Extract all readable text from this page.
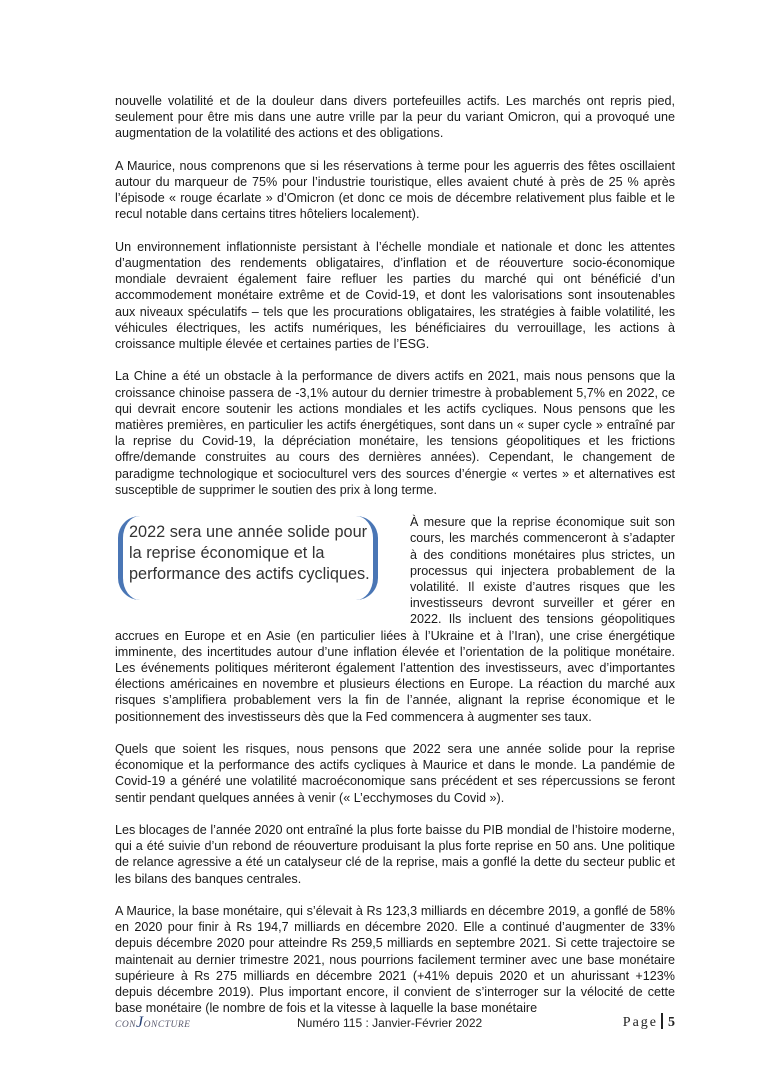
nouvelle volatilité et de la douleur dans divers portefeuilles actifs. Les marchés ont repris pied, seulement pour être mis dans une autre vrille par la peur du variant Omicron, qui a provoqué une augmentation de la volatilité des actions et des obligations.

A Maurice, nous comprenons que si les réservations à terme pour les aguerris des fêtes oscillaient autour du marqueur de 75% pour l’industrie touristique, elles avaient chuté à près de 25 % après l’épisode « rouge écarlate » d’Omicron (et donc ce mois de décembre relativement plus faible et le recul notable dans certains titres hôteliers localement).

Un environnement inflationniste persistant à l’échelle mondiale et nationale et donc les attentes d’augmentation des rendements obligataires, d’inflation et de réouverture socio-économique mondiale devraient également faire refluer les parties du marché qui ont bénéficié d’un accommodement monétaire extrême et de Covid-19, et dont les valorisations sont insoutenables aux niveaux spéculatifs – tels que les procurations obligataires, les stratégies à faible volatilité, les véhicules électriques, les actifs numériques, les bénéficiaires du verrouillage, les actions à croissance multiple élevée et certaines parties de l’ESG.

La Chine a été un obstacle à la performance de divers actifs en 2021, mais nous pensons que la croissance chinoise passera de -3,1% autour du dernier trimestre à probablement 5,7% en 2022, ce qui devrait encore soutenir les actions mondiales et les actifs cycliques. Nous pensons que les matières premières, en particulier les actifs énergétiques, sont dans un « super cycle » entraîné par la reprise du Covid-19, la dépréciation monétaire, les tensions géopolitiques et les frictions offre/demande construites au cours des dernières années). Cependant, le changement de paradigme technologique et socioculturel vers des sources d’énergie « vertes » et alternatives est susceptible de supprimer le soutien des prix à long terme.

2022 sera une année solide pour la reprise économique et la performance des actifs cycliques.

À mesure que la reprise économique suit son cours, les marchés commenceront à s’adapter à des conditions monétaires plus strictes, un processus qui injectera probablement de la volatilité. Il existe d’autres risques que les investisseurs devront surveiller et gérer en 2022. Ils incluent des tensions géopolitiques accrues en Europe et en Asie (en particulier liées à l’Ukraine et à l’Iran), une crise énergétique imminente, des incertitudes autour d’une inflation élevée et l’orientation de la politique monétaire. Les événements politiques mériteront également l’attention des investisseurs, avec d’importantes élections américaines en novembre et plusieurs élections en Europe. La réaction du marché aux risques s’amplifiera probablement vers la fin de l’année, alignant la reprise économique et le positionnement des investisseurs dès que la Fed commencera à augmenter ses taux.

Quels que soient les risques, nous pensons que 2022 sera une année solide pour la reprise économique et la performance des actifs cycliques à Maurice et dans le monde. La pandémie de Covid-19 a généré une volatilité macroéconomique sans précédent et ses répercussions se feront sentir pendant quelques années à venir (« L’ecchymoses du Covid »).

Les blocages de l’année 2020 ont entraîné la plus forte baisse du PIB mondial de l’histoire moderne, qui a été suivie d’un rebond de réouverture produisant la plus forte reprise en 50 ans. Une politique de relance agressive a été un catalyseur clé de la reprise, mais a gonflé la dette du secteur public et les bilans des banques centrales.

A Maurice, la base monétaire, qui s’élevait à Rs 123,3 milliards en décembre 2019, a gonflé de 58% en 2020 pour finir à Rs 194,7 milliards en décembre 2020. Elle a continué d’augmenter de 33% depuis décembre 2020 pour atteindre Rs 259,5 milliards en septembre 2021. Si cette trajectoire se maintenait au dernier trimestre 2021, nous pourrions facilement terminer avec une base monétaire supérieure à Rs 275 milliards en décembre 2021 (+41% depuis 2020 et un ahurissant +123% depuis décembre 2019). Plus important encore, il convient de s’interroger sur la vélocité de cette base monétaire (le nombre de fois et la vitesse à laquelle la base monétaire

CONJONCTURE	Numéro 115 : Janvier-Février 2022	Page 5
